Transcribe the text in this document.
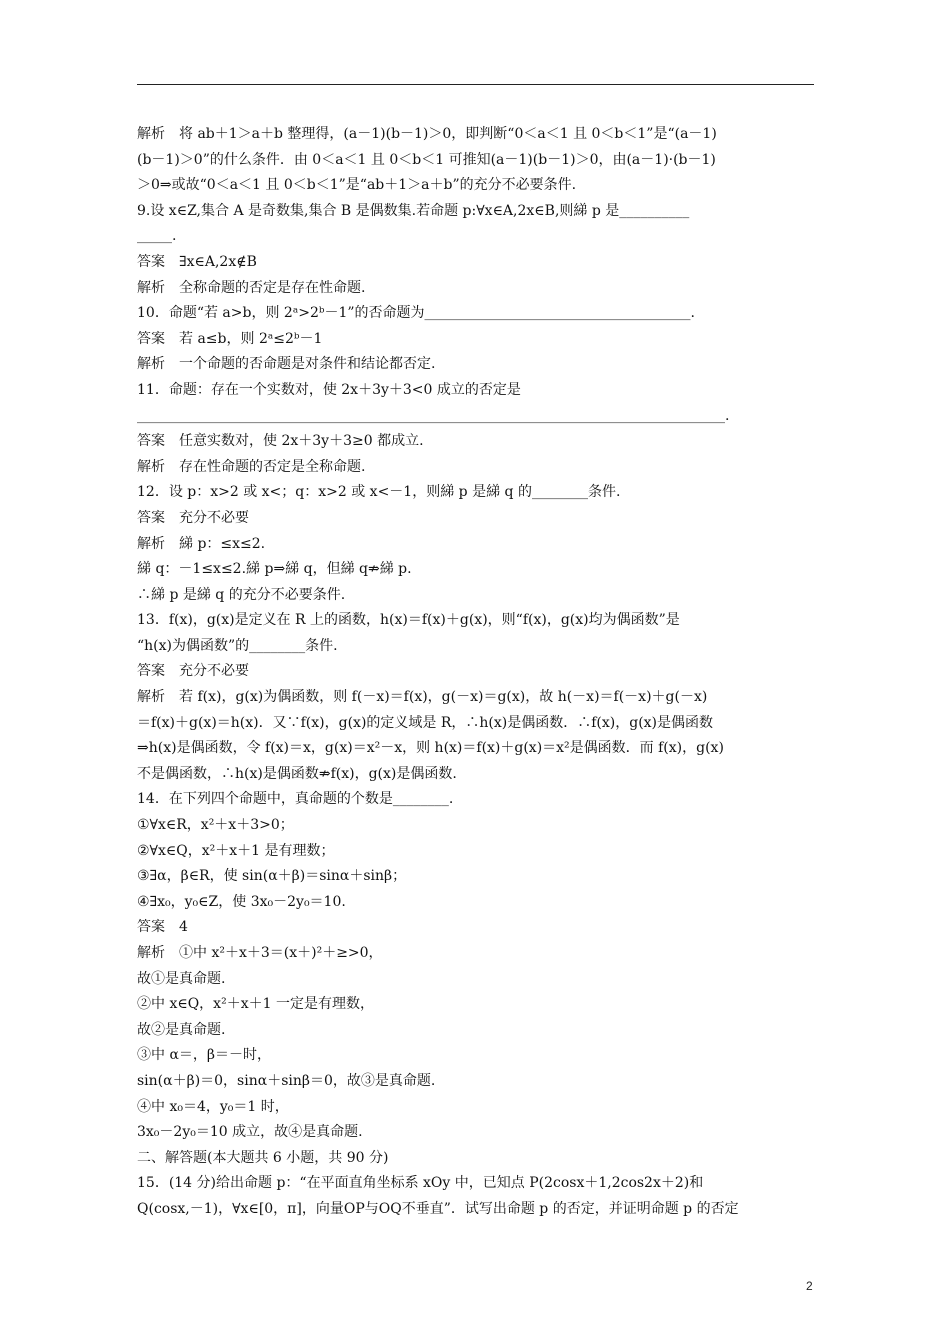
解析　将 ab＋1＞a＋b 整理得，(a－1)(b－1)＞0，即判断“0＜a＜1 且 0＜b＜1”是“(a－1)
(b－1)＞0”的什么条件．由 0＜a＜1 且 0＜b＜1 可推知(a－1)(b－1)＞0，由(a－1)·(b－1)
＞0⇒或故“0＜a＜1 且 0＜b＜1”是“ab＋1＞a＋b”的充分不必要条件.
9.设 x∈Z,集合 A 是奇数集,集合 B 是偶数集.若命题 p:∀x∈A,2x∈B,则綈 p 是__________
_____.
答案　∃x∈A,2x∉B
解析　全称命题的否定是存在性命题.
10．命题“若 a>b，则 2ᵃ>2ᵇ－1”的否命题为______________________________________.
答案　若 a≤b，则 2ᵃ≤2ᵇ－1
解析　一个命题的否命题是对条件和结论都否定.
11．命题：存在一个实数对，使 2x＋3y＋3<0 成立的否定是
____________________________________________________________________________________.
答案　任意实数对，使 2x＋3y＋3≥0 都成立.
解析　存在性命题的否定是全称命题.
12．设 p：x>2 或 x<；q：x>2 或 x<－1，则綈 p 是綈 q 的________条件.
答案　充分不必要
解析　綈 p：≤x≤2.
綈 q：－1≤x≤2.綈 p⇒綈 q，但綈 q⇏綈 p.
∴綈 p 是綈 q 的充分不必要条件.
13．f(x)，g(x)是定义在 R 上的函数，h(x)＝f(x)＋g(x)，则“f(x)，g(x)均为偶函数”是
“h(x)为偶函数”的________条件.
答案　充分不必要
解析　若 f(x)，g(x)为偶函数，则 f(－x)＝f(x)，g(－x)＝g(x)，故 h(－x)＝f(－x)＋g(－x)
＝f(x)＋g(x)＝h(x)．又∵f(x)，g(x)的定义域是 R，∴h(x)是偶函数．∴f(x)，g(x)是偶函数
⇒h(x)是偶函数，令 f(x)＝x，g(x)＝x²－x，则 h(x)＝f(x)＋g(x)＝x²是偶函数．而 f(x)，g(x)
不是偶函数，∴h(x)是偶函数⇏f(x)，g(x)是偶函数.
14．在下列四个命题中，真命题的个数是________.
①∀x∈R，x²＋x＋3>0；
②∀x∈Q，x²＋x＋1 是有理数；
③∃α，β∈R，使 sin(α＋β)＝sinα＋sinβ；
④∃x₀，y₀∈Z，使 3x₀－2y₀＝10.
答案　4
解析　①中 x²＋x＋3＝(x＋)²＋≥>0，
故①是真命题.
②中 x∈Q，x²＋x＋1 一定是有理数，
故②是真命题.
③中 α＝，β＝－时，
sin(α＋β)＝0，sinα＋sinβ＝0，故③是真命题.
④中 x₀＝4，y₀＝1 时，
3x₀－2y₀＝10 成立，故④是真命题.
二、解答题(本大题共 6 小题，共 90 分)
15．(14 分)给出命题 p：“在平面直角坐标系 xOy 中，已知点 P(2cosx＋1,2cos2x＋2)和
Q(cosx,－1)，∀x∈[0，π]，向量OP与OQ不垂直”．试写出命题 p 的否定，并证明命题 p 的否定
2
